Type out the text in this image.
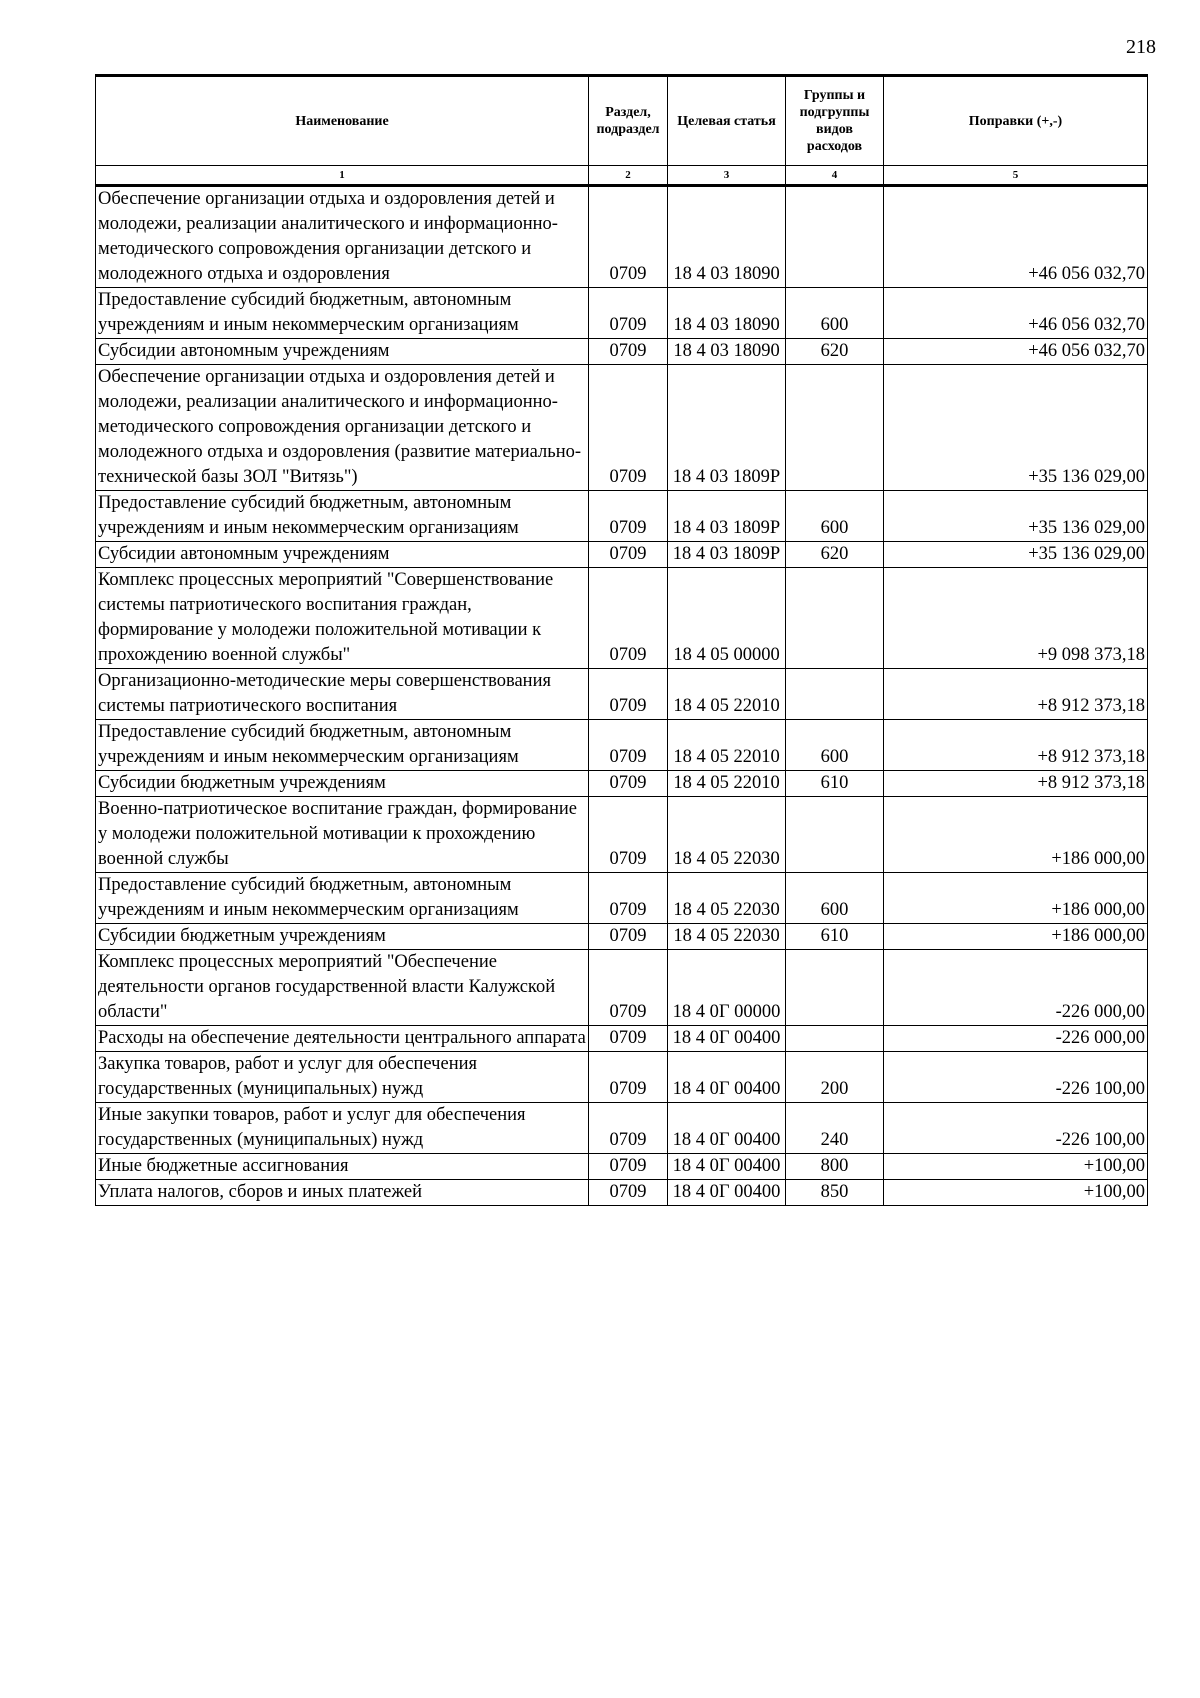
218
Наименование	Раздел, подраздел	Целевая статья	Группы и подгруппы видов расходов	Поправки (+,-)
1	2	3	4	5
Обеспечение организации отдыха и оздоровления детей и молодежи, реализации аналитического и информационно-методического сопровождения организации детского и молодежного отдыха и оздоровления	0709	18 4 03 18090		+46 056 032,70
Предоставление субсидий бюджетным, автономным учреждениям и иным некоммерческим организациям	0709	18 4 03 18090	600	+46 056 032,70
Субсидии автономным учреждениям	0709	18 4 03 18090	620	+46 056 032,70
Обеспечение организации отдыха и оздоровления детей и молодежи, реализации аналитического и информационно-методического сопровождения организации детского и молодежного отдыха и оздоровления (развитие материально-технической базы ЗОЛ "Витязь")	0709	18 4 03 1809Р		+35 136 029,00
Предоставление субсидий бюджетным, автономным учреждениям и иным некоммерческим организациям	0709	18 4 03 1809Р	600	+35 136 029,00
Субсидии автономным учреждениям	0709	18 4 03 1809Р	620	+35 136 029,00
Комплекс процессных мероприятий "Совершенствование системы патриотического воспитания граждан, формирование у молодежи положительной мотивации к прохождению военной службы"	0709	18 4 05 00000		+9 098 373,18
Организационно-методические меры совершенствования системы патриотического воспитания	0709	18 4 05 22010		+8 912 373,18
Предоставление субсидий бюджетным, автономным учреждениям и иным некоммерческим организациям	0709	18 4 05 22010	600	+8 912 373,18
Субсидии бюджетным учреждениям	0709	18 4 05 22010	610	+8 912 373,18
Военно-патриотическое воспитание граждан, формирование у молодежи положительной мотивации к прохождению военной службы	0709	18 4 05 22030		+186 000,00
Предоставление субсидий бюджетным, автономным учреждениям и иным некоммерческим организациям	0709	18 4 05 22030	600	+186 000,00
Субсидии бюджетным учреждениям	0709	18 4 05 22030	610	+186 000,00
Комплекс процессных мероприятий "Обеспечение деятельности органов государственной власти Калужской области"	0709	18 4 0Г 00000		-226 000,00
Расходы на обеспечение деятельности центрального аппарата	0709	18 4 0Г 00400		-226 000,00
Закупка товаров, работ и услуг для обеспечения государственных (муниципальных) нужд	0709	18 4 0Г 00400	200	-226 100,00
Иные закупки товаров, работ и услуг для обеспечения государственных (муниципальных) нужд	0709	18 4 0Г 00400	240	-226 100,00
Иные бюджетные ассигнования	0709	18 4 0Г 00400	800	+100,00
Уплата налогов, сборов и иных платежей	0709	18 4 0Г 00400	850	+100,00
